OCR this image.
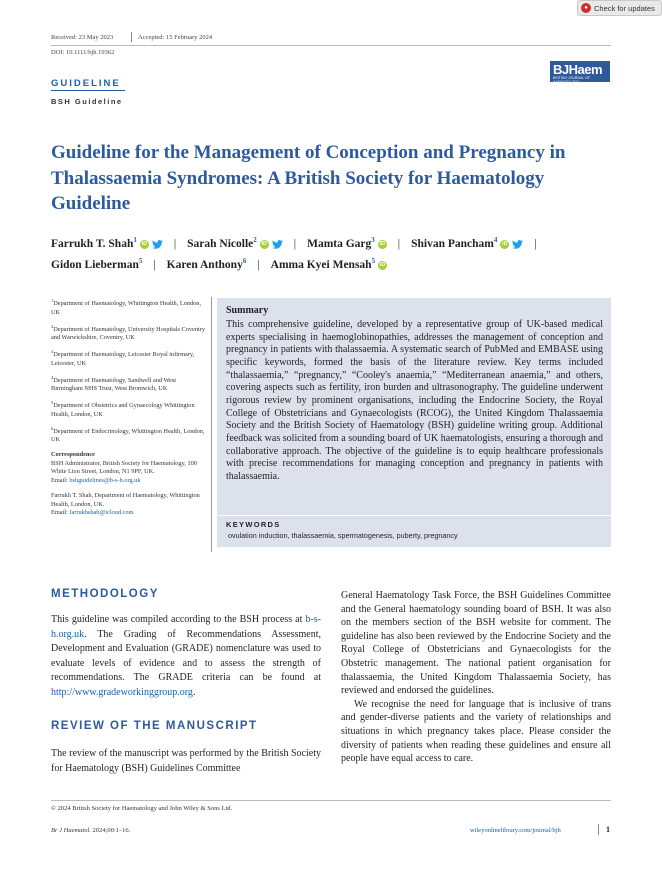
● Check for updates
Received: 23 May 2023	Accepted: 15 February 2024
DOI: 10.1111/bjh.19362
GUIDELINE
BSH Guideline
BJHaem
BRITISH JOURNAL OF HAEMATOLOGY
Guideline for the Management of Conception and Pregnancy in Thalassaemia Syndromes: A British Society for Haematology Guideline
Farrukh T. Shah$^1$ iD | Sarah Nicolle$^2$ iD | Mamta Garg$^3$ iD | Shivan Pancham$^4$ iD |
Gidon Lieberman$^5$ | Karen Anthony$^6$ | Amma Kyei Mensah$^5$ iD
$^1$Department of Haematology, Whittington Health, London, UK
$^2$Department of Haematology, University Hospitals Coventry and Warwickshire, Coventry, UK
$^3$Department of Haematology, Leicester Royal infirmary, Leicester, UK
$^4$Department of Haematology, Sandwell and West Birmingham NHS Trust, West Bromwich, UK
$^5$Department of Obstetrics and Gynaecology Whittington Health, London, UK
$^6$Department of Endocrinology, Whittington Health, London, UK
Correspondence
BSH Administrator, British Society for Haematology, 100 White Lion Street, London, N1 9PF, UK.
Email: bshguidelines@b-s-h.org.uk
Farrukh T. Shah, Department of Haematology, Whittington Health, London, UK.
Email: farrukhshah@icloud.com
Summary
This comprehensive guideline, developed by a representative group of UK-based medical experts specialising in haemoglobinopathies, addresses the management of conception and pregnancy in patients with thalassaemia. A systematic search of PubMed and EMBASE using specific keywords, formed the basis of the literature review. Key terms included “thalassaemia,” “pregnancy,” “Cooley's anaemia,” “Mediterranean anaemia,” and others, covering aspects such as fertility, iron burden and ultrasonography. The guideline underwent rigorous review by prominent organisations, including the Endocrine Society, the Royal College of Obstetricians and Gynaecologists (RCOG), the United Kingdom Thalassaemia Society and the British Society of Haematology (BSH) guideline writing group. Additional feedback was solicited from a sounding board of UK haematologists, ensuring a thorough and collaborative approach. The objective of the guideline is to equip healthcare professionals with precise recommendations for managing conception and pregnancy in patients with thalassaemia.
KEYWORDS
ovulation induction, thalassaemia, spermatogenesis, puberty, pregnancy
METHODOLOGY

This guideline was compiled according to the BSH process at b-s-h.org.uk. The Grading of Recommendations Assessment, Development and Evaluation (GRADE) nomenclature was used to evaluate levels of evidence and to assess the strength of recommendations. The GRADE criteria can be found at http://www.gradeworkinggroup.org.

REVIEW OF THE MANUSCRIPT

The review of the manuscript was performed by the British Society for Haematology (BSH) Guidelines Committee

General Haematology Task Force, the BSH Guidelines Committee and the General haematology sounding board of BSH. It was also on the members section of the BSH website for comment. The guideline has also been reviewed by the Endocrine Society and the Royal College of Obstetricians and Gynaecologists for the Obstetric management. The national patient organisation for thalassaemia, the United Kingdom Thalassaemia Society, has reviewed and endorsed the guidelines.

We recognise the need for language that is inclusive of trans and gender-diverse patients and the variety of relationships and situations in which pregnancy takes place. Please consider the diversity of patients when reading these guidelines and ensure all people have equal access to care.

© 2024 British Society for Haematology and John Wiley & Sons Ltd.
Br J Haematol. 2024;00:1–16.	wileyonlinelibrary.com/journal/bjh	1
